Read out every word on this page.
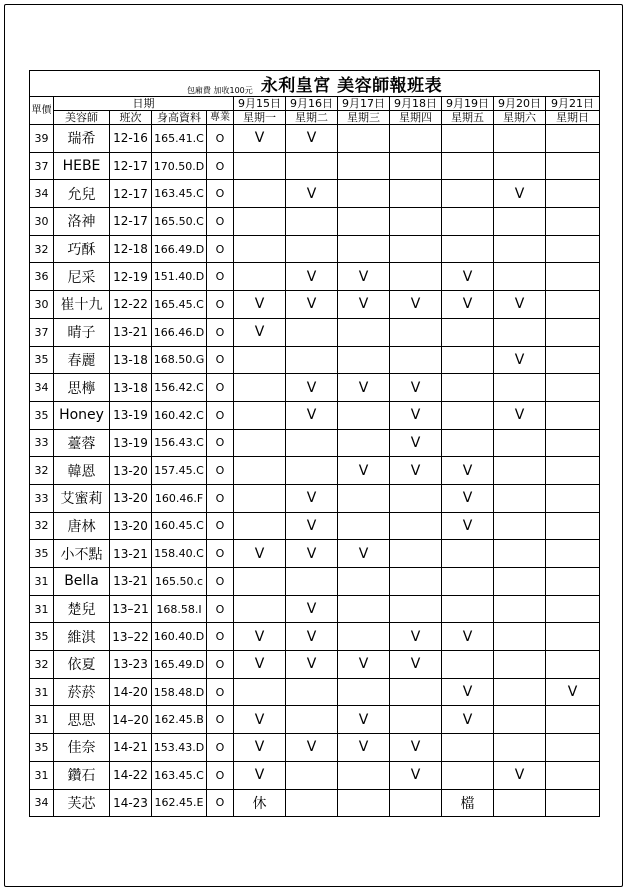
包廂費 加收100元 永利皇宮 美容師報班表											
單價	日期				9月15日	9月16日	9月17日	9月18日	9月19日	9月20日	9月21日
	美容師	班次	身高資料	專業	星期一	星期二	星期三	星期四	星期五	星期六	星期日
39	瑞希	12-16	165.41.C	O	V	V					
37	HEBE	12-17	170.50.D	O							
34	允兒	12-17	163.45.C	O		V				V	
30	洛神	12-17	165.50.C	O							
32	巧酥	12-18	166.49.D	O							
36	尼采	12-19	151.40.D	O		V	V		V		
30	崔十九	12-22	165.45.C	O	V	V	V	V	V	V	
37	晴子	13-21	166.46.D	O	V						
35	春麗	13-18	168.50.G	O						V	
34	思檸	13-18	156.42.C	O		V	V	V			
35	Honey	13-19	160.42.C	O		V		V		V	
33	薹蓉	13-19	156.43.C	O				V			
32	韓恩	13-20	157.45.C	O			V	V	V		
33	艾蜜莉	13-20	160.46.F	O		V			V		
32	唐林	13-20	160.45.C	O		V			V		
35	小不點	13-21	158.40.C	O	V	V	V				
31	Bella	13-21	165.50.c	O							
31	楚兒	13–21	168.58.I	O		V					
35	維淇	13–22	160.40.D	O	V	V		V	V		
32	依夏	13-23	165.49.D	O	V	V	V	V			
31	菸菸	14-20	158.48.D	O					V		V
31	思思	14–20	162.45.B	O	V		V		V		
35	佳奈	14-21	153.43.D	O	V	V	V	V			
31	鑽石	14-22	163.45.C	O	V			V		V	
34	芙芯	14-23	162.45.E	O	休				檔		
